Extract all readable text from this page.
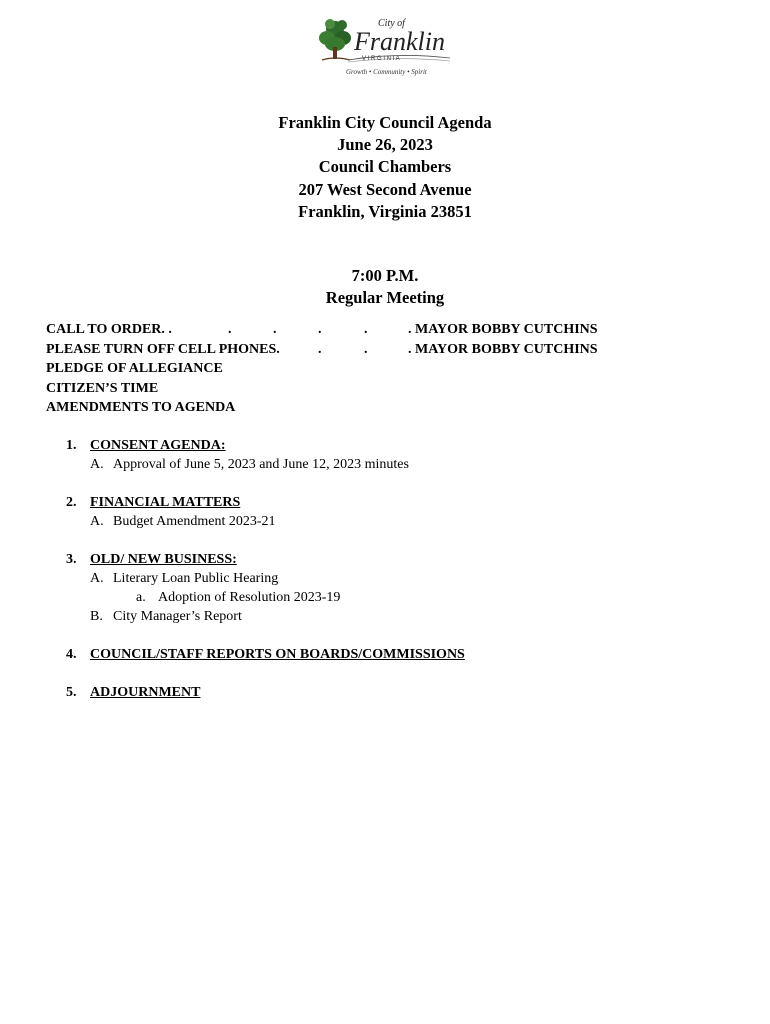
City of
Franklin
V I R G I N I A
Growth • Community • Spirit
Franklin City Council Agenda
June 26, 2023
Council Chambers
207 West Second Avenue
Franklin, Virginia 23851
7:00 P.M.
Regular Meeting
CALL TO ORDER. .	.	.	.	.	. MAYOR BOBBY CUTCHINS
PLEASE TURN OFF CELL PHONES.	.	.	. MAYOR BOBBY CUTCHINS
PLEDGE OF ALLEGIANCE
CITIZEN’S TIME
AMENDMENTS TO AGENDA
1. CONSENT AGENDA:
A. Approval of June 5, 2023 and June 12, 2023 minutes
2. FINANCIAL MATTERS
A. Budget Amendment 2023-21
3. OLD/ NEW BUSINESS:
A. Literary Loan Public Hearing
a. Adoption of Resolution 2023-19
B. City Manager’s Report
4. COUNCIL/STAFF REPORTS ON BOARDS/COMMISSIONS
5. ADJOURNMENT
